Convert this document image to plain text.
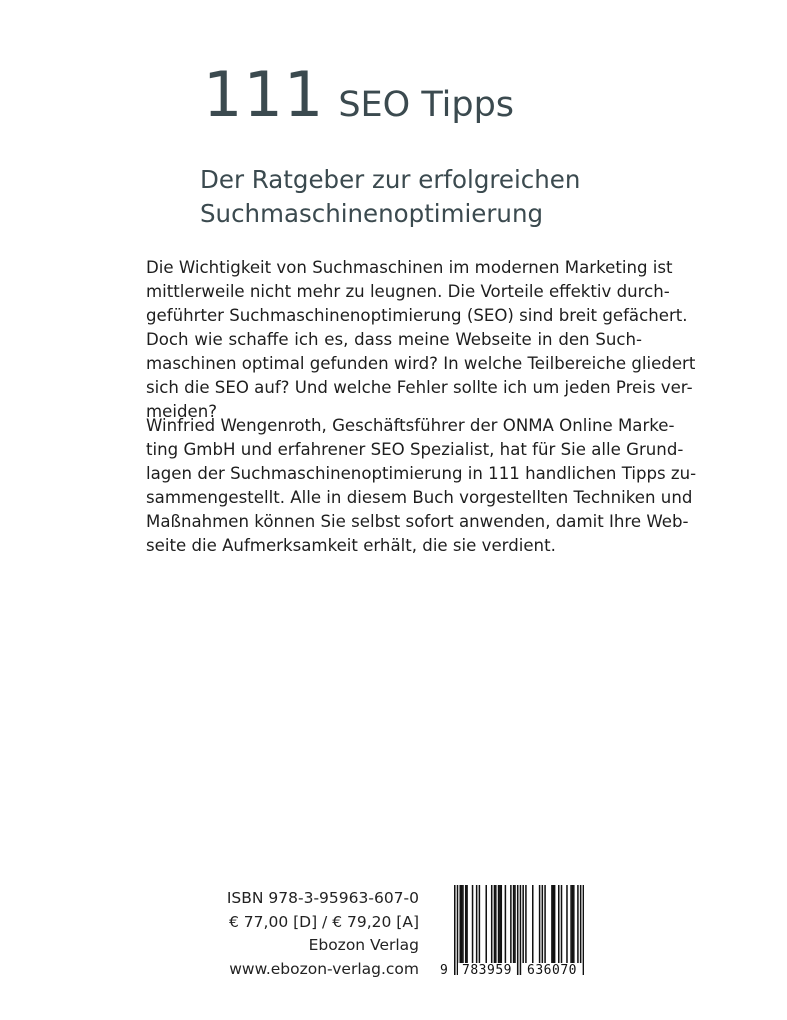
111 SEO Tipps
Der Ratgeber zur erfolgreichen
Suchmaschinenoptimierung
Die Wichtigkeit von Suchmaschinen im modernen Marketing ist
mittlerweile nicht mehr zu leugnen. Die Vorteile effektiv durch-
geführter Suchmaschinenoptimierung (SEO) sind breit gefächert.
Doch wie schaffe ich es, dass meine Webseite in den Such-
maschinen optimal gefunden wird? In welche Teilbereiche gliedert
sich die SEO auf? Und welche Fehler sollte ich um jeden Preis ver-
meiden?
Winfried Wengenroth, Geschäftsführer der ONMA Online Marke-
ting GmbH und erfahrener SEO Spezialist, hat für Sie alle Grund-
lagen der Suchmaschinenoptimierung in 111 handlichen Tipps zu-
sammengestellt. Alle in diesem Buch vorgestellten Techniken und
Maßnahmen können Sie selbst sofort anwenden, damit Ihre Web-
seite die Aufmerksamkeit erhält, die sie verdient.
ISBN 978-3-95963-607-0
€ 77,00 [D] / € 79,20 [A]
Ebozon Verlag
www.ebozon-verlag.com 9	783959	636070
